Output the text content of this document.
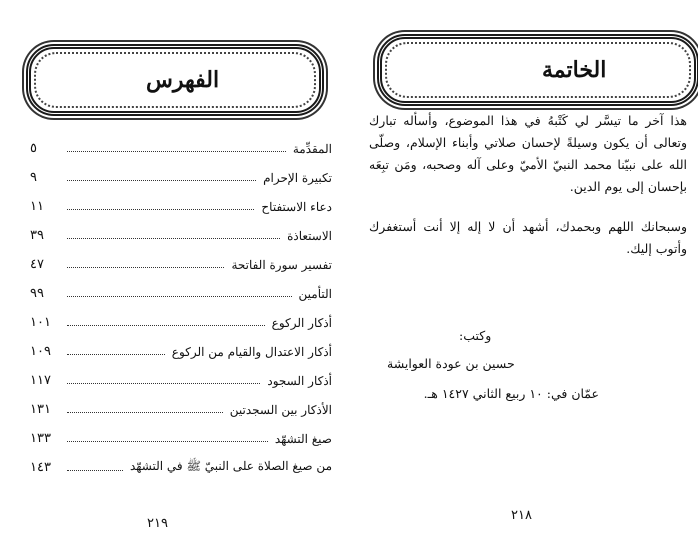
الفهرس
المقدِّمة
٥
تكبيرة الإحرام
٩
دعاء الاستفتاح
١١
الاستعاذة
٣٩
تفسير سورة الفاتحة
٤٧
التأمين
٩٩
أذكار الركوع
١٠١
أذكار الاعتدال والقيام من الركوع
١٠٩
أذكار السجود
١١٧
الأذكار بين السجدتين
١٣١
صيغ التشهّد
١٣٣
من صيغ الصلاة على النبيّ ﷺ في التشهّد
١٤٣
٢١٩
الخاتمة
هذا آخر ما تيسَّر لي كَتْبهُ في هذا الموضوع، وأسأله تبارك وتعالى أن يكون وسيلةً لإحسان صلاتي وأبناء الإسلام، وصلّى الله على نبيّنا محمد النبيّ الأميّ وعلى آله وصحبه، ومَن تبِعَه بإحسان إلى يوم الدين.
وسبحانك اللهم وبحمدك، أشهد أن لا إله إلا أنت أستغفرك وأتوب إليك.
وكتب:
حسين بن عودة العوايشة
عمّان في: ١٠ ربيع الثاني ١٤٢٧ هـ.
٢١٨
